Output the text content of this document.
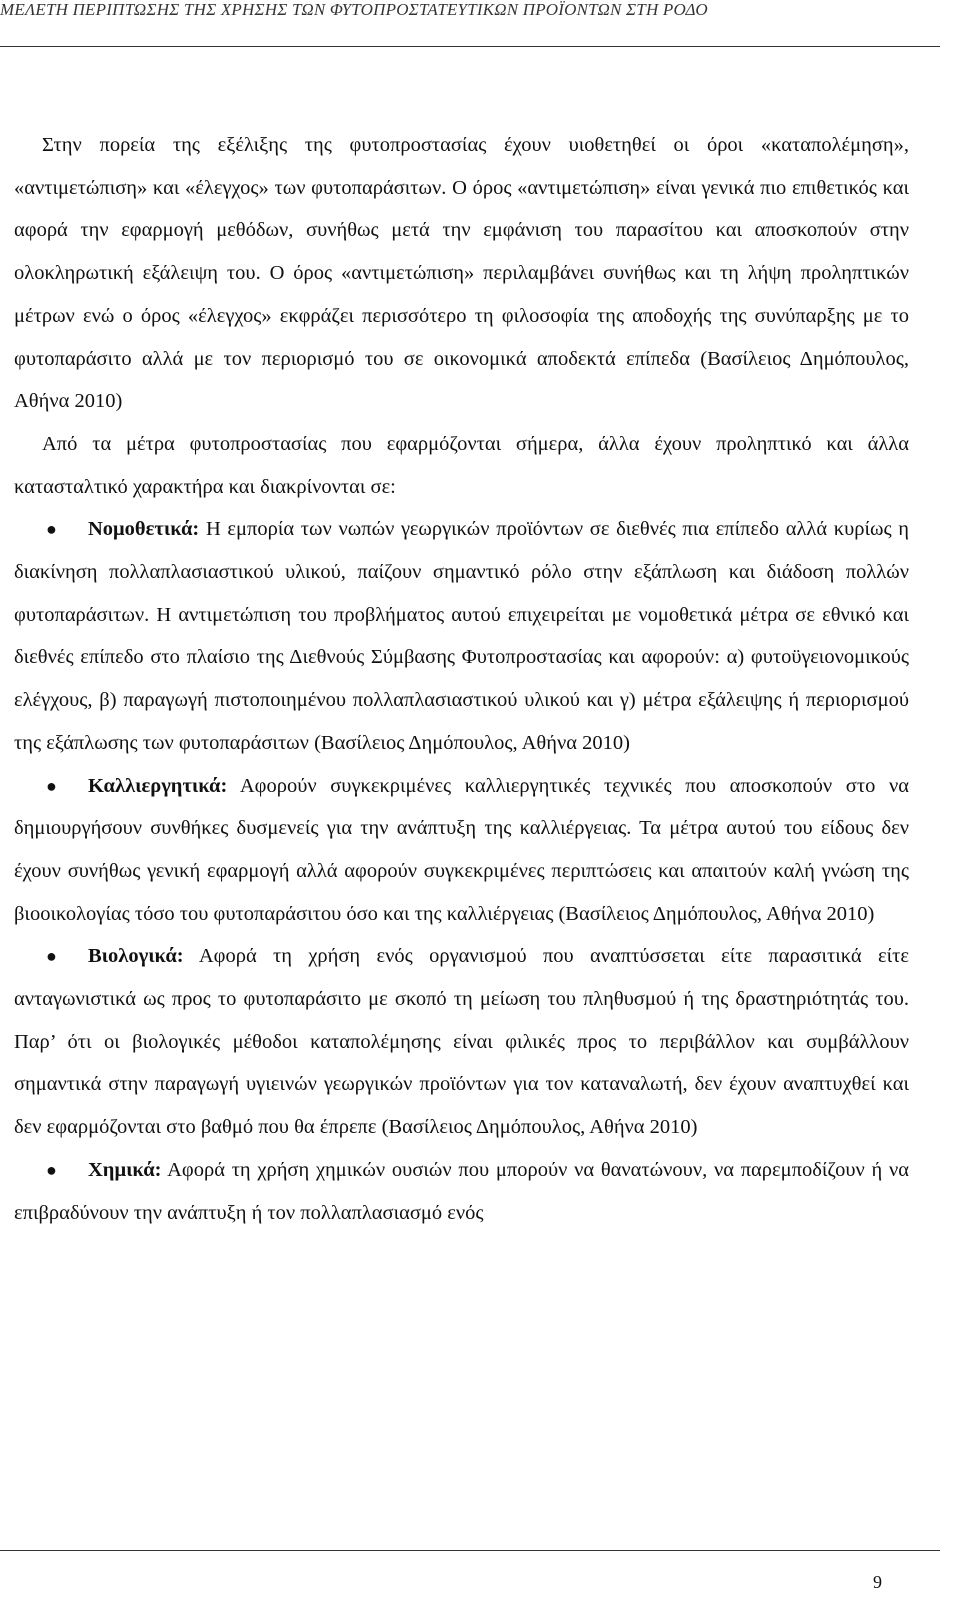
ΜΕΛΕΤΗ ΠΕΡΙΠΤΩΣΗΣ ΤΗΣ ΧΡΗΣΗΣ ΤΩΝ ΦΥΤΟΠΡΟΣΤΑΤΕΥΤΙΚΩΝ ΠΡΟΪΟΝΤΩΝ ΣΤΗ ΡΟΔΟ

Στην πορεία της εξέλιξης της φυτοπροστασίας έχουν υιοθετηθεί οι όροι «καταπολέμηση», «αντιμετώπιση» και «έλεγχος» των φυτοπαράσιτων. Ο όρος «αντιμετώπιση» είναι γενικά πιο επιθετικός και αφορά την εφαρμογή μεθόδων, συνήθως μετά την εμφάνιση του παρασίτου και αποσκοπούν στην ολοκληρωτική εξάλειψη του. Ο όρος «αντιμετώπιση» περιλαμβάνει συνήθως και τη λήψη προληπτικών μέτρων ενώ ο όρος «έλεγχος» εκφράζει περισσότερο τη φιλοσοφία της αποδοχής της συνύπαρξης με το φυτοπαράσιτο αλλά με τον περιορισμό του σε οικονομικά αποδεκτά επίπεδα (Βασίλειος Δημόπουλος, Αθήνα 2010)

Από τα μέτρα φυτοπροστασίας που εφαρμόζονται σήμερα, άλλα έχουν προληπτικό και άλλα κατασταλτικό χαρακτήρα και διακρίνονται σε:

●	Νομοθετικά: Η εμπορία των νωπών γεωργικών προϊόντων σε διεθνές πια επίπεδο αλλά κυρίως η διακίνηση πολλαπλασιαστικού υλικού, παίζουν σημαντικό ρόλο στην εξάπλωση και διάδοση πολλών φυτοπαράσιτων. Η αντιμετώπιση του προβλήματος αυτού επιχειρείται με νομοθετικά μέτρα σε εθνικό και διεθνές επίπεδο στο πλαίσιο της Διεθνούς Σύμβασης Φυτοπροστασίας και αφορούν: α) φυτοϋγειονομικούς ελέγχους, β) παραγωγή πιστοποιημένου πολλαπλασιαστικού υλικού και γ) μέτρα εξάλειψης ή περιορισμού της εξάπλωσης των φυτοπαράσιτων (Βασίλειος Δημόπουλος, Αθήνα 2010)

●	Καλλιεργητικά: Αφορούν συγκεκριμένες καλλιεργητικές τεχνικές που αποσκοπούν στο να δημιουργήσουν συνθήκες δυσμενείς για την ανάπτυξη της καλλιέργειας. Τα μέτρα αυτού του είδους δεν έχουν συνήθως γενική εφαρμογή αλλά αφορούν συγκεκριμένες περιπτώσεις και απαιτούν καλή γνώση της βιοοικολογίας τόσο του φυτοπαράσιτου όσο και της καλλιέργειας (Βασίλειος Δημόπουλος, Αθήνα 2010)

●	Βιολογικά: Αφορά τη χρήση ενός οργανισμού που αναπτύσσεται είτε παρασιτικά είτε ανταγωνιστικά ως προς το φυτοπαράσιτο με σκοπό τη μείωση του πληθυσμού ή της δραστηριότητάς του. Παρ’ ότι οι βιολογικές μέθοδοι καταπολέμησης είναι φιλικές προς το περιβάλλον και συμβάλλουν σημαντικά στην παραγωγή υγιεινών γεωργικών προϊόντων για τον καταναλωτή, δεν έχουν αναπτυχθεί και δεν εφαρμόζονται στο βαθμό που θα έπρεπε (Βασίλειος Δημόπουλος, Αθήνα 2010)

●	Χημικά: Αφορά τη χρήση χημικών ουσιών που μπορούν να θανατώνουν, να παρεμποδίζουν ή να επιβραδύνουν την ανάπτυξη ή τον πολλαπλασιασμό ενός

9
